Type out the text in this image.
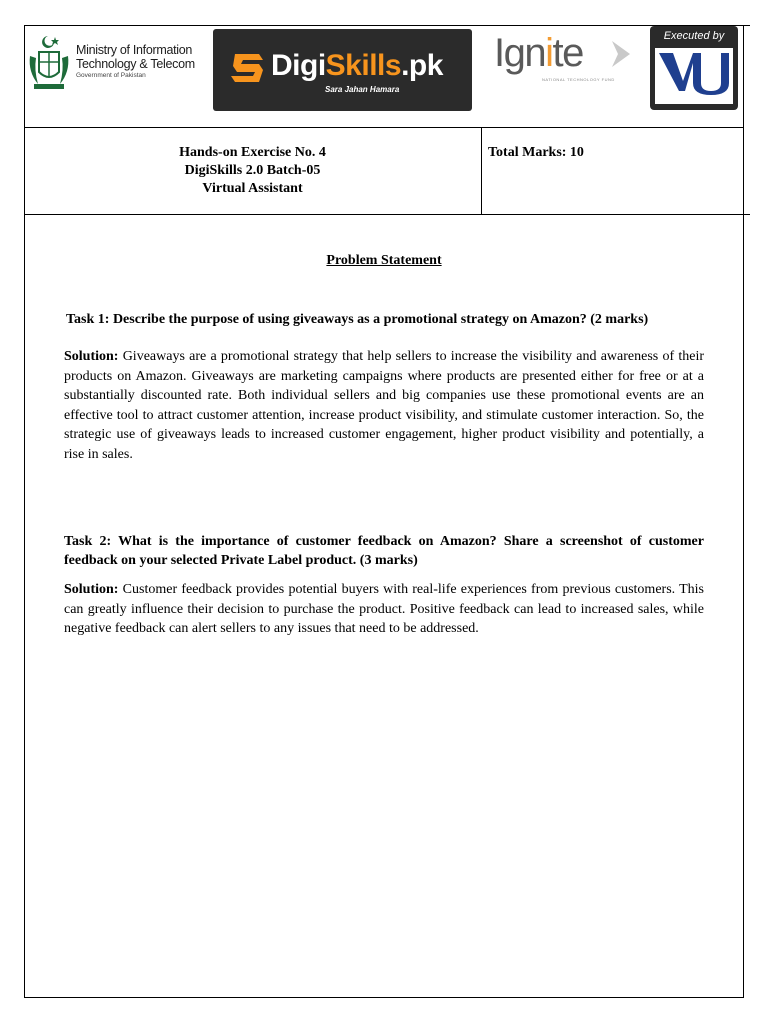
Ministry of Information
Technology & Telecom
Government of Pakistan	DigiSkills.pk
Sara Jahan Hamara
Ignite
NATIONAL TECHNOLOGY FUND
Executed by
Virtual University
Hands-on Exercise No. 4
DigiSkills 2.0 Batch-05
Virtual Assistant
Total Marks: 10
Problem Statement
Task 1: Describe the purpose of using giveaways as a promotional strategy on Amazon? (2 marks)
Solution: Giveaways are a promotional strategy that help sellers to increase the visibility and awareness of their products on Amazon. Giveaways are marketing campaigns where products are presented either for free or at a substantially discounted rate. Both individual sellers and big companies use these promotional events are an effective tool to attract customer attention, increase product visibility, and stimulate customer interaction. So, the strategic use of giveaways leads to increased customer engagement, higher product visibility and potentially, a rise in sales.
Task 2: What is the importance of customer feedback on Amazon? Share a screenshot of customer feedback on your selected Private Label product. (3 marks)
Solution: Customer feedback provides potential buyers with real-life experiences from previous customers. This can greatly influence their decision to purchase the product. Positive feedback can lead to increased sales, while negative feedback can alert sellers to any issues that need to be addressed.
